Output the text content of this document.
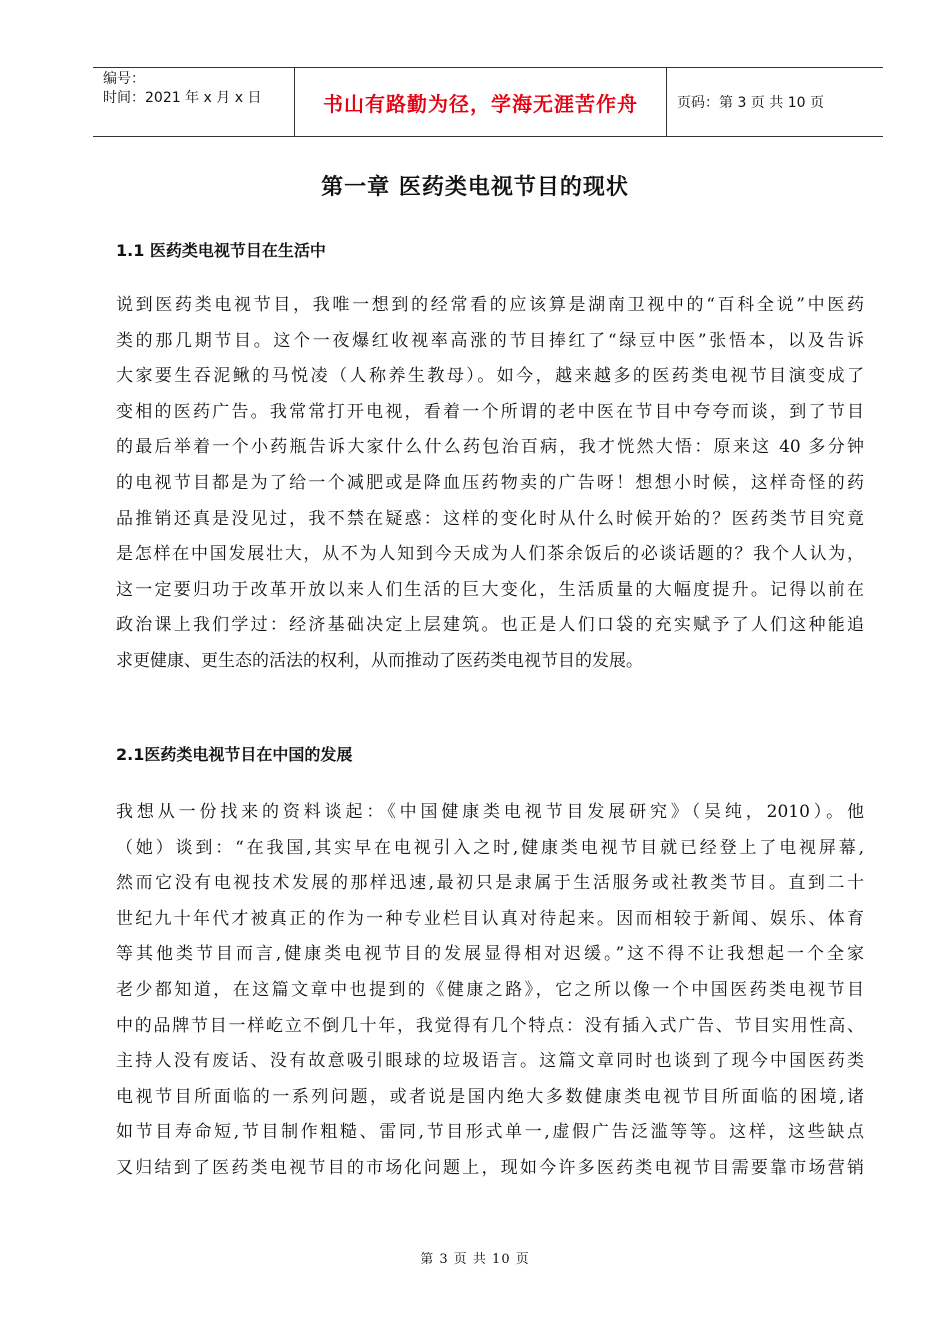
编号：
时间：2021 年 x 月 x 日	书山有路勤为径，学海无涯苦作舟	页码：第 3 页 共 10 页
第一章 医药类电视节目的现状
1.1 医药类电视节目在生活中
说到医药类电视节目，我唯一想到的经常看的应该算是湖南卫视中的“百科全说”中医药
类的那几期节目。这个一夜爆红收视率高涨的节目捧红了“绿豆中医”张悟本，以及告诉
大家要生吞泥鳅的马悦凌（人称养生教母）。如今，越来越多的医药类电视节目演变成了
变相的医药广告。我常常打开电视，看着一个所谓的老中医在节目中夸夸而谈，到了节目
的最后举着一个小药瓶告诉大家什么什么药包治百病，我才恍然大悟：原来这 40 多分钟
的电视节目都是为了给一个减肥或是降血压药物卖的广告呀！想想小时候，这样奇怪的药
品推销还真是没见过，我不禁在疑惑：这样的变化时从什么时候开始的？医药类节目究竟
是怎样在中国发展壮大，从不为人知到今天成为人们茶余饭后的必谈话题的？我个人认为，
这一定要归功于改革开放以来人们生活的巨大变化，生活质量的大幅度提升。记得以前在
政治课上我们学过：经济基础决定上层建筑。也正是人们口袋的充实赋予了人们这种能追
求更健康、更生态的活法的权利，从而推动了医药类电视节目的发展。
2.1医药类电视节目在中国的发展
我想从一份找来的资料谈起：《中国健康类电视节目发展研究》（吴纯，2010）。他
（她）谈到：“在我国,其实早在电视引入之时,健康类电视节目就已经登上了电视屏幕,
然而它没有电视技术发展的那样迅速,最初只是隶属于生活服务或社教类节目。直到二十
世纪九十年代才被真正的作为一种专业栏目认真对待起来。因而相较于新闻、娱乐、体育
等其他类节目而言,健康类电视节目的发展显得相对迟缓。”这不得不让我想起一个全家
老少都知道，在这篇文章中也提到的《健康之路》，它之所以像一个中国医药类电视节目
中的品牌节目一样屹立不倒几十年，我觉得有几个特点：没有插入式广告、节目实用性高、
主持人没有废话、没有故意吸引眼球的垃圾语言。这篇文章同时也谈到了现今中国医药类
电视节目所面临的一系列问题，或者说是国内绝大多数健康类电视节目所面临的困境,诸
如节目寿命短,节目制作粗糙、雷同,节目形式单一,虚假广告泛滥等等。这样，这些缺点
又归结到了医药类电视节目的市场化问题上，现如今许多医药类电视节目需要靠市场营销
第 3 页 共 10 页
